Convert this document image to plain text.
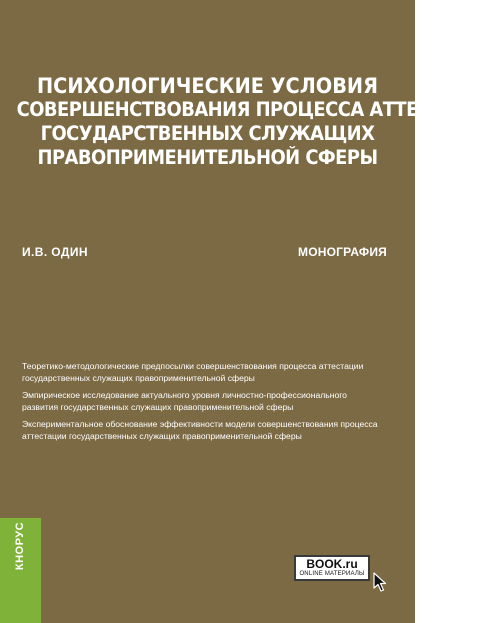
ПСИХОЛОГИЧЕСКИЕ УСЛОВИЯ
СОВЕРШЕНСТВОВАНИЯ ПРОЦЕССА АТТЕСТАЦИИ
ГОСУДАРСТВЕННЫХ СЛУЖАЩИХ
ПРАВОПРИМЕНИТЕЛЬНОЙ СФЕРЫ
И.В. ОДИН	МОНОГРАФИЯ
Теоретико-методологические предпосылки совершенствования процесса аттестации государственных служащих правоприменительной сферы
Эмпирическое исследование актуального уровня личностно-профессионального развития государственных служащих правоприменительной сферы
Экспериментальное обоснование эффективности модели совершенствования процесса аттестации государственных служащих правоприменительной сферы
КНОРУС	BOOK.ru
ONLINE МАТЕРИАЛЫ
